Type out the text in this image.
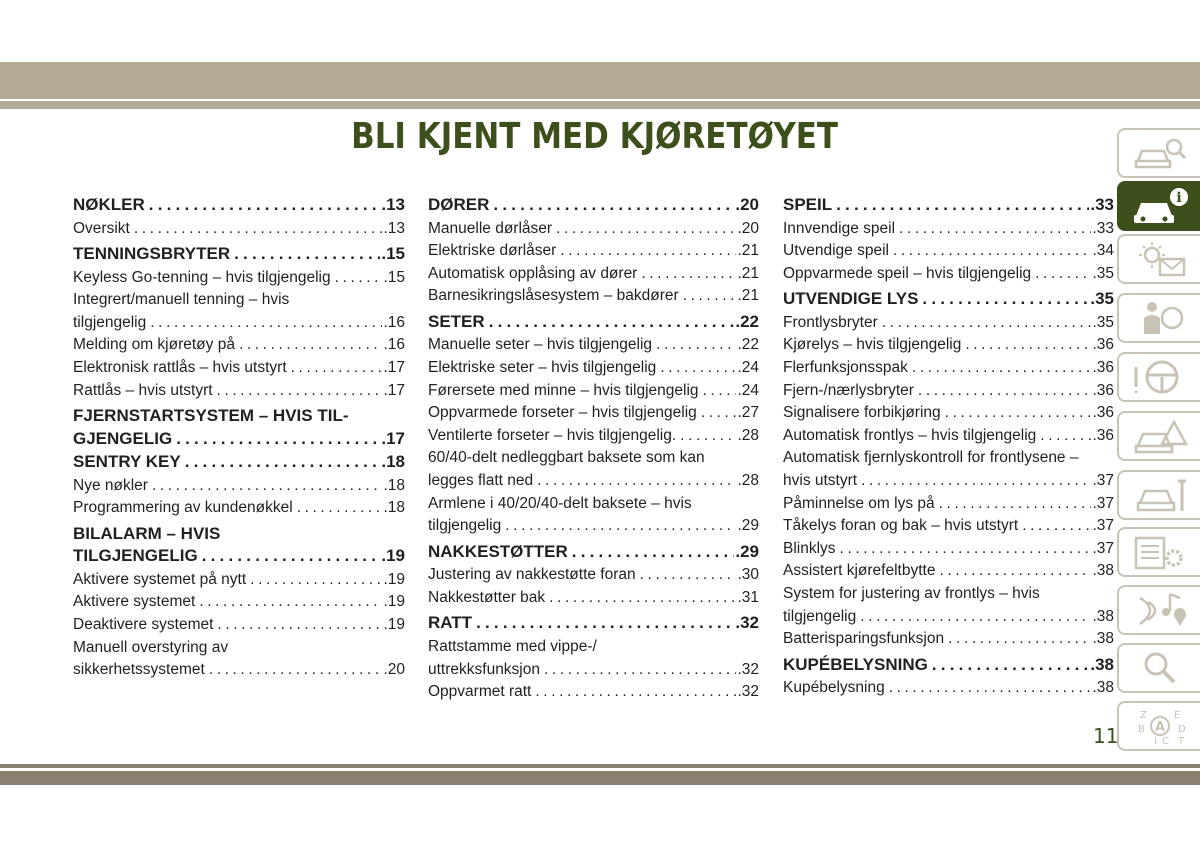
BLI KJENT MED KJØRETØYET
NØKLER .....	.13
Oversikt .....	.13
TENNINGSBRYTER .....	.15
Keyless Go-tenning – hvis tilgjengelig .....	.15
Integrert/manuell tenning – hvis
tilgjengelig .....	.16
Melding om kjøretøy på .....	.16
Elektronisk rattlås – hvis utstyrt .....	.17
Rattlås – hvis utstyrt .....	.17
FJERNSTARTSYSTEM – HVIS TIL-
GJENGELIG .....	.17
SENTRY KEY .....	.18
Nye nøkler .....	.18
Programmering av kundenøkkel .....	.18
BILALARM – HVIS
TILGJENGELIG .....	.19
Aktivere systemet på nytt .....	.19
Aktivere systemet .....	.19
Deaktivere systemet .....	.19
Manuell overstyring av
sikkerhetssystemet .....	.20
DØRER .....	.20
Manuelle dørlåser .....	.20
Elektriske dørlåser .....	.21
Automatisk opplåsing av dører .....	.21
Barnesikringslåsesystem – bakdører .....	.21
SETER .....	.22
Manuelle seter – hvis tilgjengelig .....	.22
Elektriske seter – hvis tilgjengelig .....	.24
Førersete med minne – hvis tilgjengelig .....	.24
Oppvarmede forseter – hvis tilgjengelig .....	.27
Ventilerte forseter – hvis tilgjengelig. .....	.28
60/40-delt nedleggbart baksete som kan
legges flatt ned .....	.28
Armlene i 40/20/40-delt baksete – hvis
tilgjengelig .....	.29
NAKKESTØTTER .....	.29
Justering av nakkestøtte foran .....	.30
Nakkestøtter bak .....	.31
RATT .....	.32
Rattstamme med vippe-/
uttrekksfunksjon .....	.32
Oppvarmet ratt .....	.32
SPEIL .....	.33
Innvendige speil .....	.33
Utvendige speil .....	.34
Oppvarmede speil – hvis tilgjengelig .....	.35
UTVENDIGE LYS .....	.35
Frontlysbryter .....	.35
Kjørelys – hvis tilgjengelig .....	.36
Flerfunksjonsspak .....	.36
Fjern-/nærlysbryter .....	.36
Signalisere forbikjøring .....	.36
Automatisk frontlys – hvis tilgjengelig .....	.36
Automatisk fjernlyskontroll for frontlysene –
hvis utstyrt .....	.37
Påminnelse om lys på .....	.37
Tåkelys foran og bak – hvis utstyrt .....	.37
Blinklys .....	.37
Assistert kjørefeltbytte .....	.38
System for justering av frontlys – hvis
tilgjengelig .....	.38
Batterisparingsfunksjon .....	.38
KUPÉBELYSNING .....	.38
Kupébelysning .....	.38
i
Z	E
B	D
I C T
A
11
